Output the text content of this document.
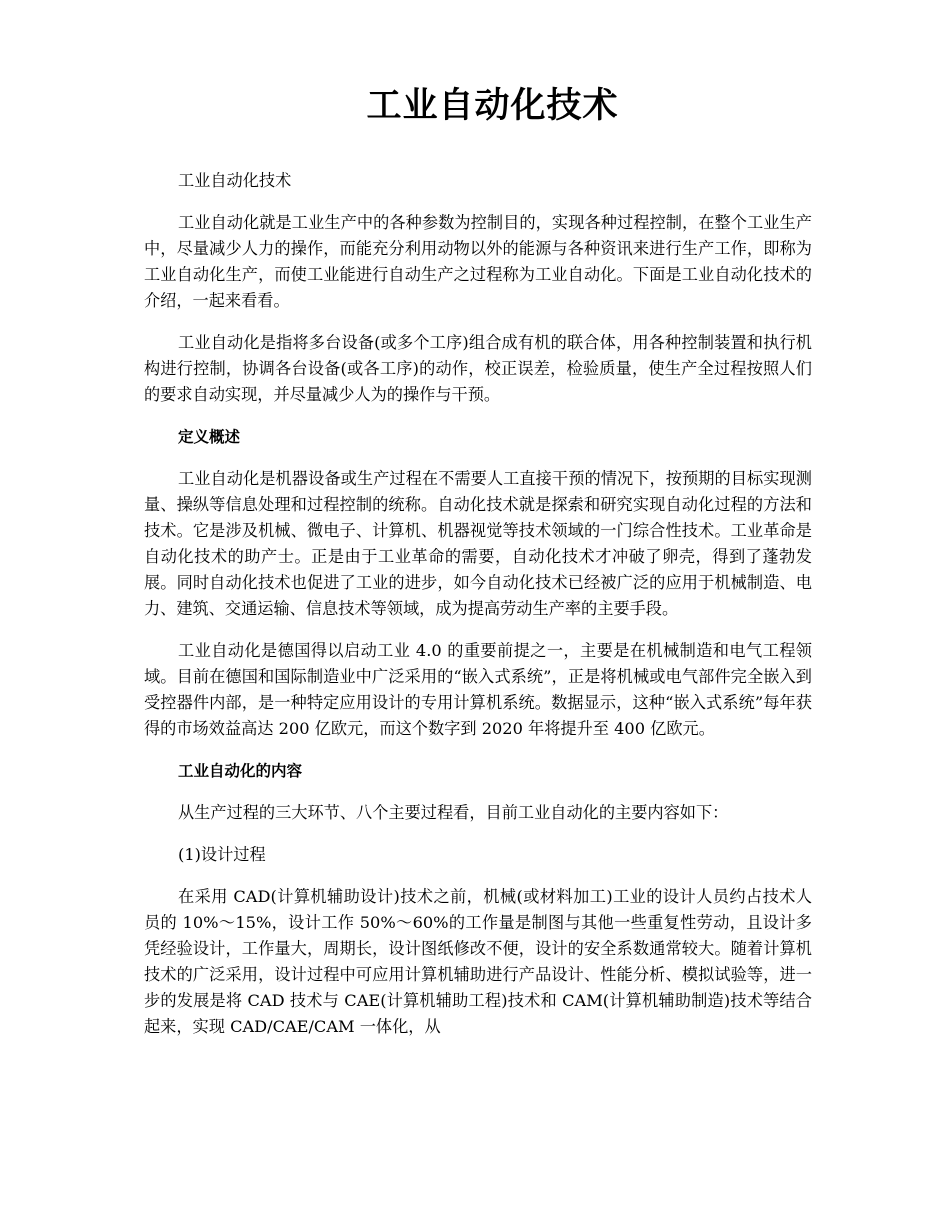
工业自动化技术

工业自动化技术

工业自动化就是工业生产中的各种参数为控制目的，实现各种过程控制，在整个工业生产中，尽量减少人力的操作，而能充分利用动物以外的能源与各种资讯来进行生产工作，即称为工业自动化生产，而使工业能进行自动生产之过程称为工业自动化。下面是工业自动化技术的介绍，一起来看看。

工业自动化是指将多台设备(或多个工序)组合成有机的联合体，用各种控制装置和执行机构进行控制，协调各台设备(或各工序)的动作，校正误差，检验质量，使生产全过程按照人们的要求自动实现，并尽量减少人为的操作与干预。

定义概述

工业自动化是机器设备或生产过程在不需要人工直接干预的情况下，按预期的目标实现测量、操纵等信息处理和过程控制的统称。自动化技术就是探索和研究实现自动化过程的方法和技术。它是涉及机械、微电子、计算机、机器视觉等技术领域的一门综合性技术。工业革命是自动化技术的助产士。正是由于工业革命的需要，自动化技术才冲破了卵壳，得到了蓬勃发展。同时自动化技术也促进了工业的进步，如今自动化技术已经被广泛的应用于机械制造、电力、建筑、交通运输、信息技术等领域，成为提高劳动生产率的主要手段。

工业自动化是德国得以启动工业 4.0 的重要前提之一，主要是在机械制造和电气工程领域。目前在德国和国际制造业中广泛采用的“嵌入式系统”，正是将机械或电气部件完全嵌入到受控器件内部，是一种特定应用设计的专用计算机系统。数据显示，这种“嵌入式系统”每年获得的市场效益高达 200 亿欧元，而这个数字到 2020 年将提升至 400 亿欧元。

工业自动化的内容

从生产过程的三大环节、八个主要过程看，目前工业自动化的主要内容如下：

(1)设计过程

在采用 CAD(计算机辅助设计)技术之前，机械(或材料加工)工业的设计人员约占技术人员的 10%～15%，设计工作 50%～60%的工作量是制图与其他一些重复性劳动，且设计多凭经验设计，工作量大，周期长，设计图纸修改不便，设计的安全系数通常较大。随着计算机技术的广泛采用，设计过程中可应用计算机辅助进行产品设计、性能分析、模拟试验等，进一步的发展是将 CAD 技术与 CAE(计算机辅助工程)技术和 CAM(计算机辅助制造)技术等结合起来，实现 CAD/CAE/CAM 一体化，从
